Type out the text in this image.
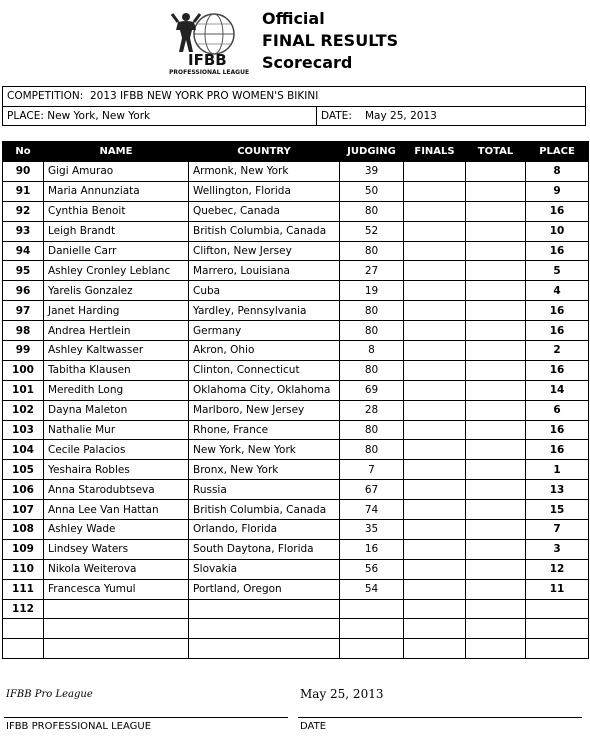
IFBB
PROFESSIONAL LEAGUE
Official
FINAL RESULTS
Scorecard
COMPETITION: 2013 IFBB NEW YORK PRO WOMEN'S BIKINI
PLACE: New York, New York	DATE:	May 25, 2013
No	NAME	COUNTRY	JUDGING	FINALS	TOTAL	PLACE
90	Gigi Amurao	Armonk, New York	39			8
91	Maria Annunziata	Wellington, Florida	50			9
92	Cynthia Benoit	Quebec, Canada	80			16
93	Leigh Brandt	British Columbia, Canada	52			10
94	Danielle Carr	Clifton, New Jersey	80			16
95	Ashley Cronley Leblanc	Marrero, Louisiana	27			5
96	Yarelis Gonzalez	Cuba	19			4
97	Janet Harding	Yardley, Pennsylvania	80			16
98	Andrea Hertlein	Germany	80			16
99	Ashley Kaltwasser	Akron, Ohio	8			2
100	Tabitha Klausen	Clinton, Connecticut	80			16
101	Meredith Long	Oklahoma City, Oklahoma	69			14
102	Dayna Maleton	Marlboro, New Jersey	28			6
103	Nathalie Mur	Rhone, France	80			16
104	Cecile Palacios	New York, New York	80			16
105	Yeshaira Robles	Bronx, New York	7			1
106	Anna Starodubtseva	Russia	67			13
107	Anna Lee Van Hattan	British Columbia, Canada	74			15
108	Ashley Wade	Orlando, Florida	35			7
109	Lindsey Waters	South Daytona, Florida	16			3
110	Nikola Weiterova	Slovakia	56			12
111	Francesca Yumul	Portland, Oregon	54			11
112						

IFBB Pro League	May 25, 2013
IFBB PROFESSIONAL LEAGUE	DATE
